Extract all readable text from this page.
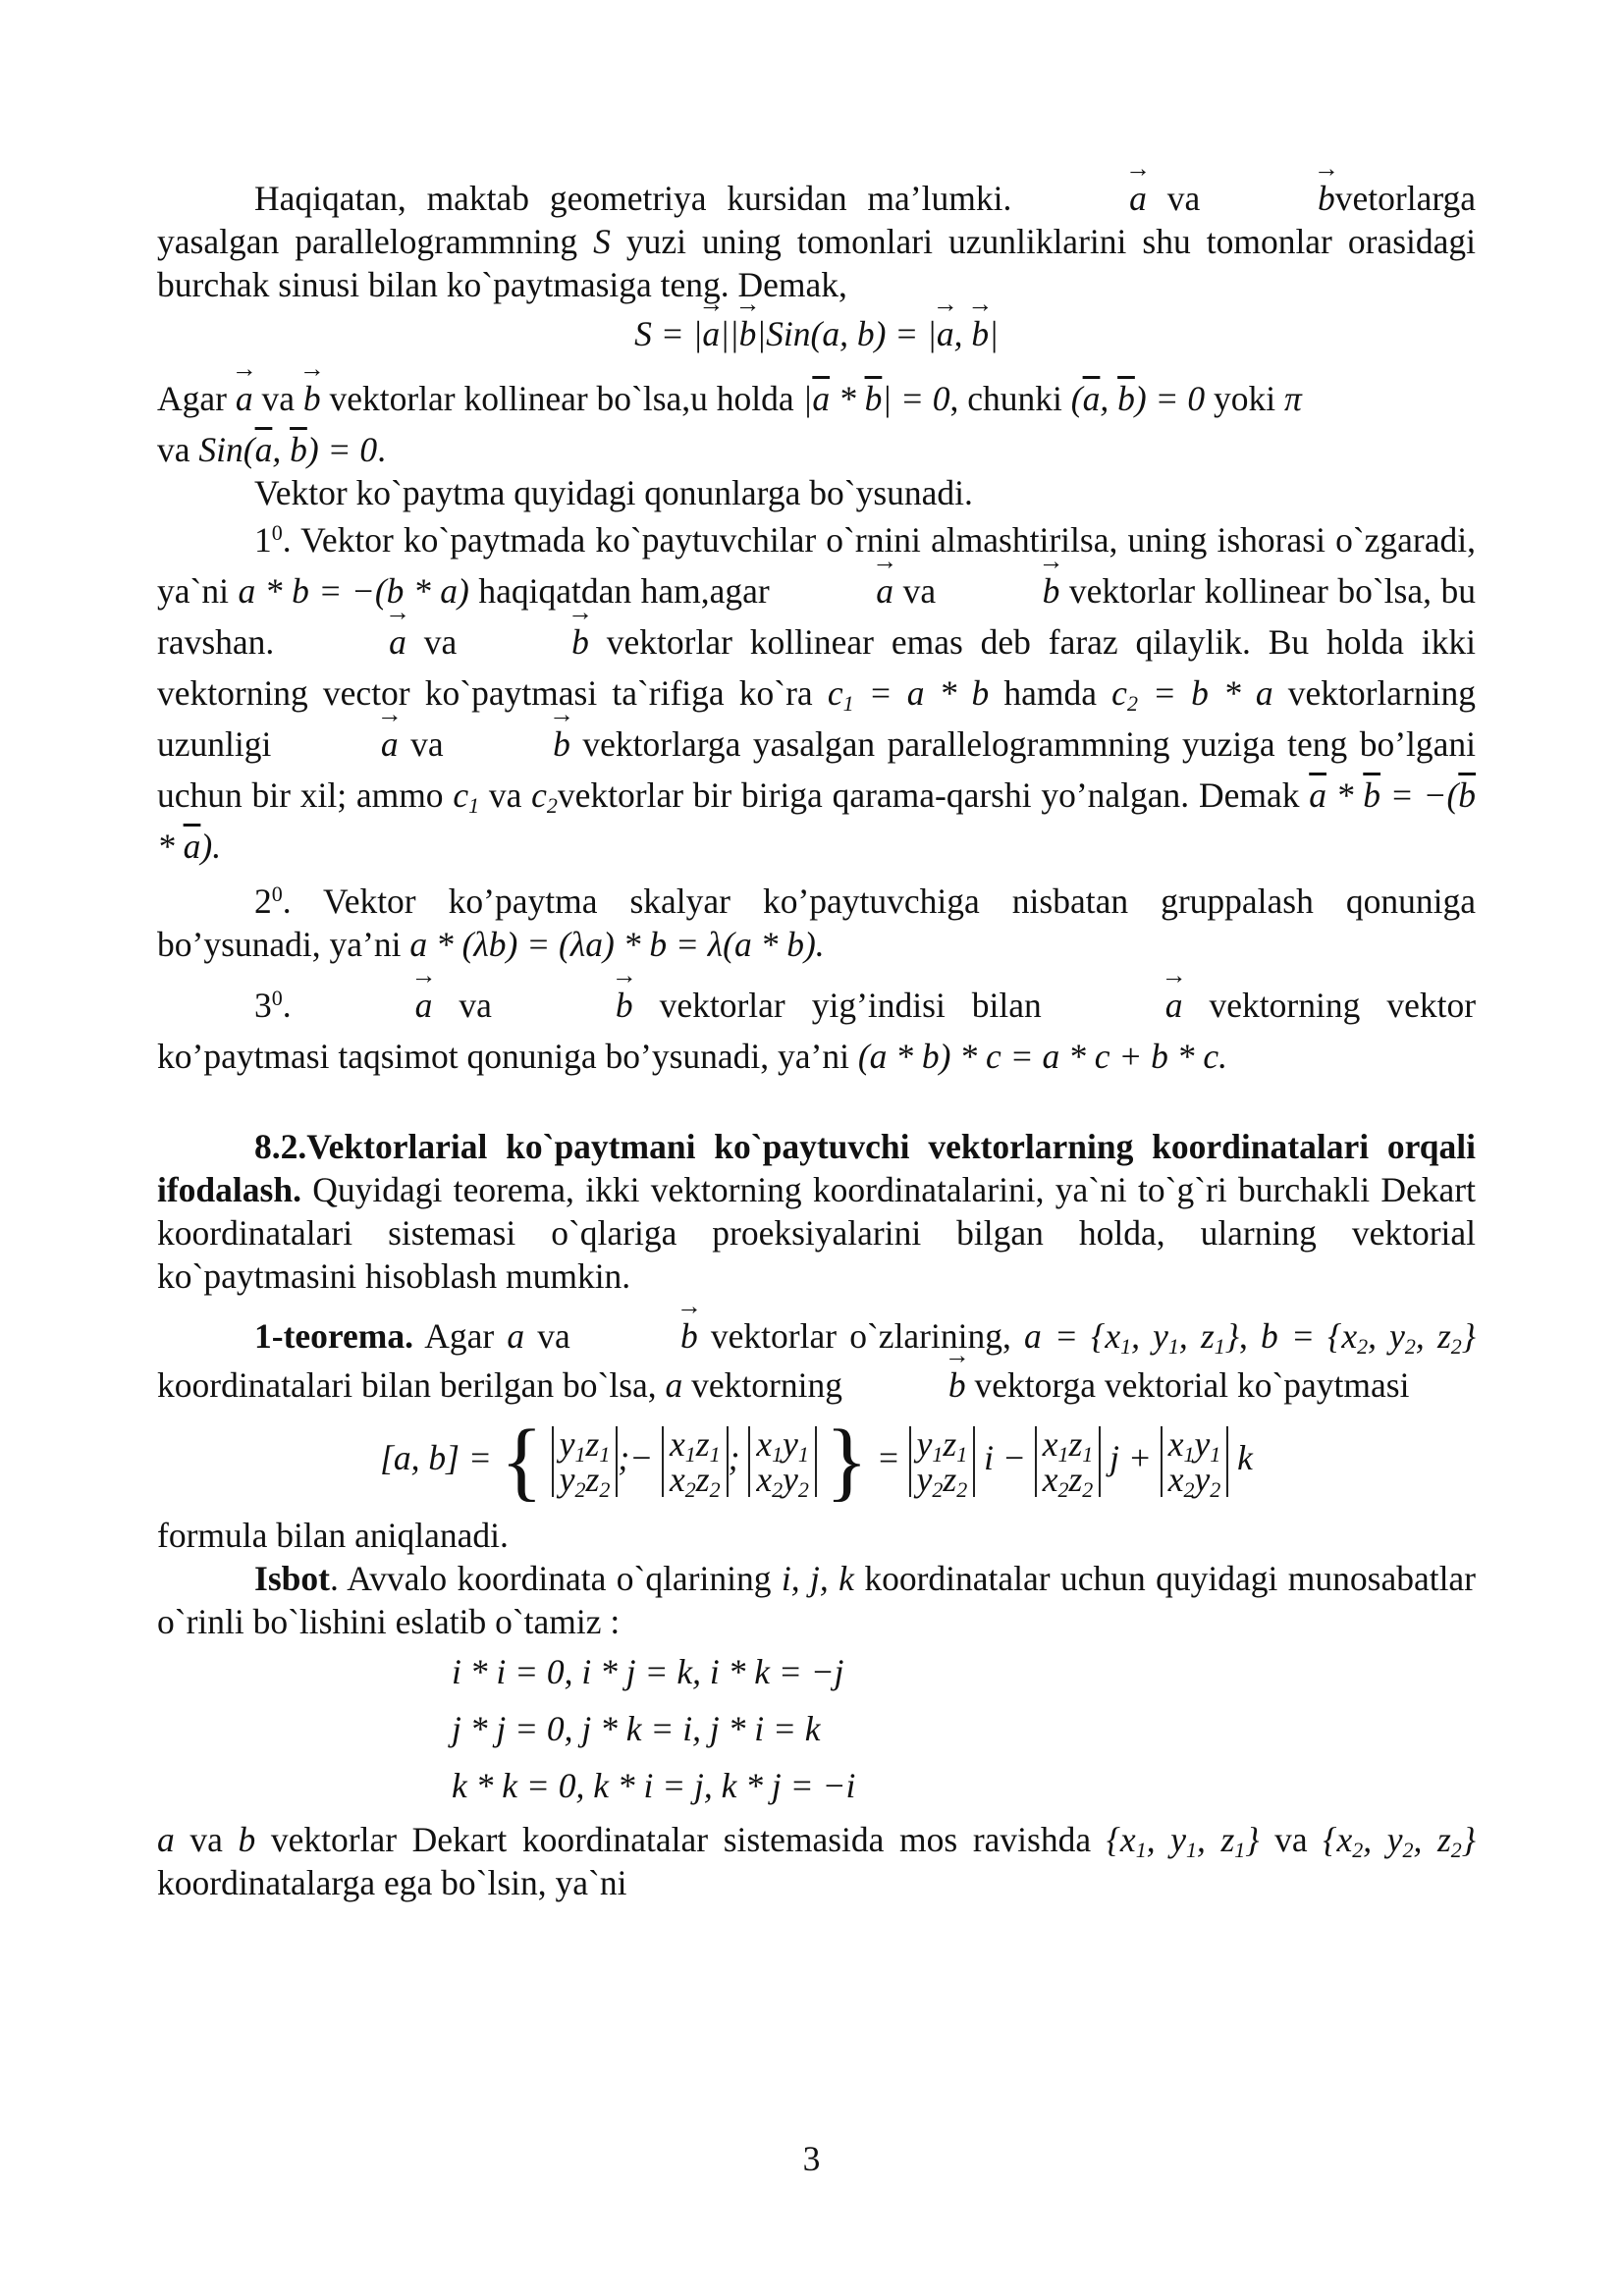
Haqiqatan, maktab geometriya kursidan ma’lumki.	→ a va	→ bvetorlarga yasalgan parallelogrammning S yuzi uning tomonlari uzunliklarini shu tomonlar orasidagi burchak sinusi bilan ko`paytmasiga teng. Demak,

S = |→ a||→ b|Sin(a, b) = |→ a, → b|

Agar → a va → b vektorlar kollinear bo`lsa,u holda $|\overline{a} * \overline{b}| = 0$, chunki ($\overline{a}$, $\overline{b}) = 0$ yoki π

va $Sin(\overline{a}$, $\overline{b}) = 0$.

Vektor ko`paytma quyidagi qonunlarga bo`ysunadi.

$1^0$. Vektor ko`paytmada ko`paytuvchilar o`rnini almashtirilsa, uning ishorasi o`zgaradi, ya`ni a * b = −(b * a) haqiqatdan ham,agar	→ a va	→ b vektorlar kollinear bo`lsa, bu ravshan.	→ a va	→ b vektorlar kollinear emas deb faraz qilaylik. Bu holda ikki vektorning vector ko`paytmasi ta`rifiga ko`ra $c_1 = a * b$ hamda $c_2 = b * a$ vektorlarning uzunligi	→ a va	→ b vektorlarga yasalgan parallelogrammning yuziga teng bo’lgani uchun bir xil; ammo $c_1$ va $c_2vektorlar$ bir biriga qarama-qarshi yo’nalgan. Demak $\overline{a} * \overline{b} = -(\overline{b} * \overline{a})$.

$2^0$. Vektor ko’paytma skalyar ko’paytuvchiga nisbatan gruppalash qonuniga bo’ysunadi, ya’ni a * (λb) = (λa) * b = λ(a * b).

$3^0$.	→ a va	→ b vektorlar yig’indisi bilan	→ a vektorning vektor ko’paytmasi taqsimot qonuniga bo’ysunadi, ya’ni (a * b) * c = a * c + b * c.

8.2.Vektorlarial ko`paytmani ko`paytuvchi vektorlarning koordinatalari orqali ifodalash. Quyidagi teorema, ikki vektorning koordinatalarini, ya`ni to`g`ri burchakli Dekart koordinatalari sistemasi o`qlariga proeksiyalarini bilgan holda, ularning vektorial ko`paytmasini hisoblash mumkin.

1-teorema. Agar a va	→ b vektorlar o`zlarining, $a = \{x_1$, $y_1$, $z_1$}, $b = \{x_2$, $y_2$, $z_2$} koordinatalari bilan berilgan bo`lsa, a vektorning	→ b vektorga vektorial ko`paytmasi

[a, b] = { $y_1z_1$
$y_2z_2$
;− $x_1z_1$
$x_2z_2$
; $x_1y_1$
$x_2y_2$ } = $y_1z_1$
$y_2z_2$
$i - x_1z_1$
$x_2z_2$
$j + x_1y_1$
$x_2y_2$
k

formula bilan aniqlanadi.

Isbot. Avvalo koordinata o`qlarining i, j, k koordinatalar uchun quyidagi munosabatlar o`rinli bo`lishini eslatib o`tamiz :

i * i = 0, i * j = k, i * k = −j
j * j = 0, j * k = i, j * i = k
k * k = 0, k * i = j, k * j = −i

a va b vektorlar Dekart koordinatalar sistemasida mos ravishda {$x_1$, $y_1$, $z_1$} va {$x_2$, $y_2$, $z_2$} koordinatalarga ega bo`lsin, ya`ni

3
